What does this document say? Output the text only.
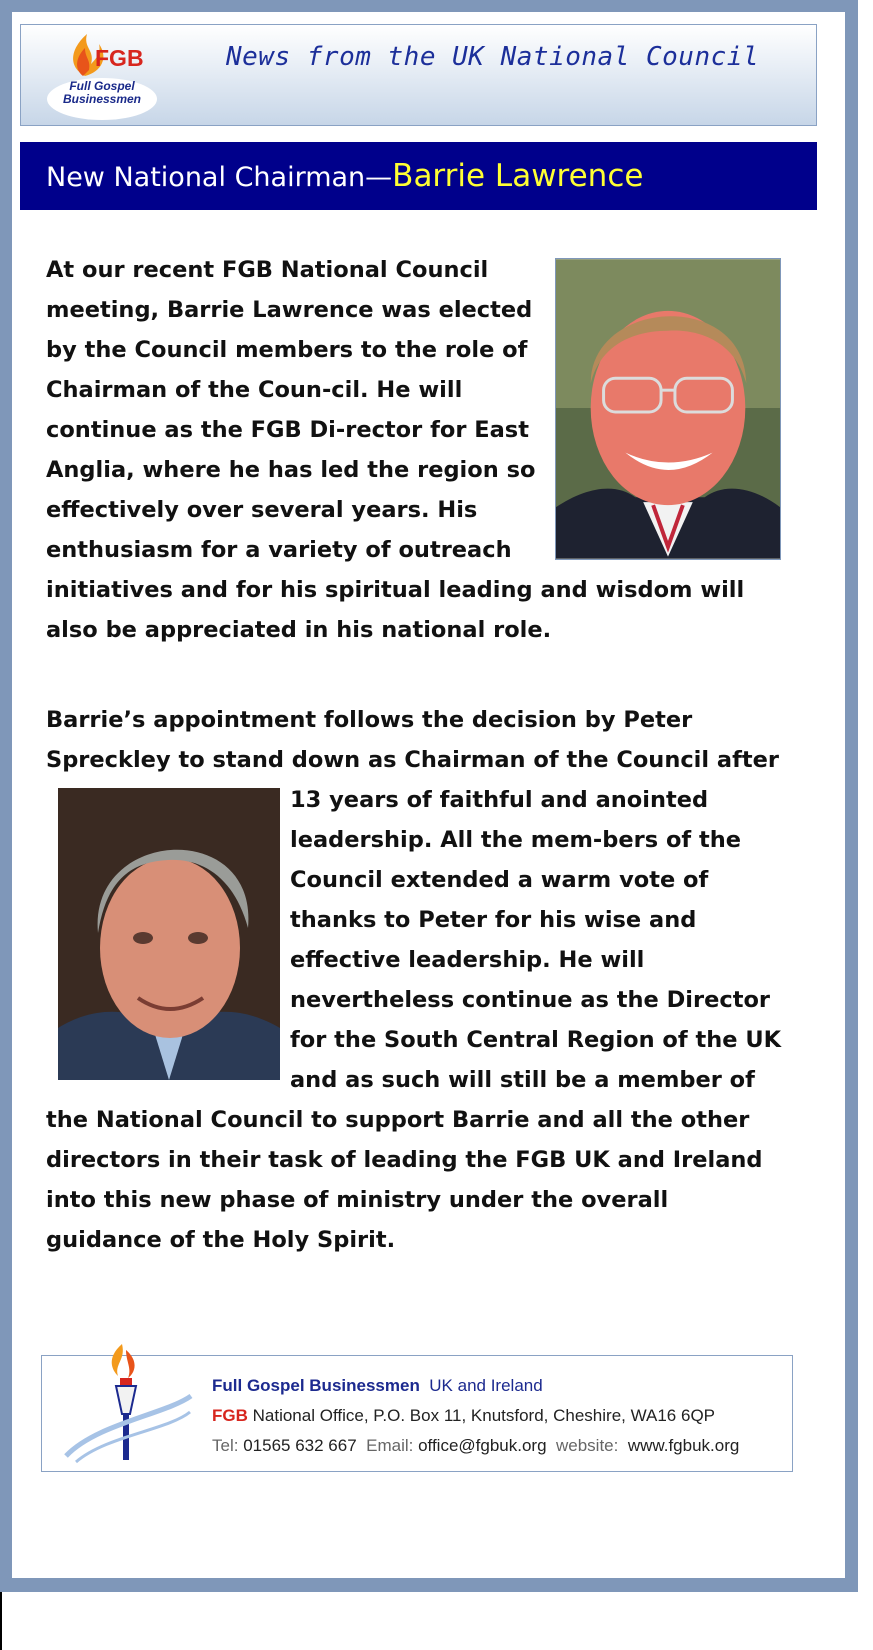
FGB
Full Gospel
Businessmen
News from the UK National Council
New National Chairman—Barrie Lawrence
At our recent FGB National Council meeting, Barrie Lawrence was elected by the Council members to the role of Chairman of the Coun-cil. He will continue as the FGB Di-rector for East Anglia, where he has led the region so effectively over several years. His enthusiasm for a variety of outreach initiatives and for his spiritual leading and wisdom will also be appreciated in his national role.
Barrie’s appointment follows the decision by Peter Spreckley to stand down as Chairman of the Council after 13 years of faithful and anointed leadership. All the mem-bers of the Council extended a warm vote of thanks to Peter for his wise and effective leadership. He will nevertheless continue as the Director for the South Central Region of the UK and as such will still be a member of the National Council to support Barrie and all the other directors in their task of leading the FGB UK and Ireland into this new phase of ministry under the overall guidance of the Holy Spirit.
Full Gospel Businessmen UK and Ireland
FGB National Office, P.O. Box 11, Knutsford, Cheshire, WA16 6QP
Tel: 01565 632 667 Email: office@fgbuk.org website: www.fgbuk.org
